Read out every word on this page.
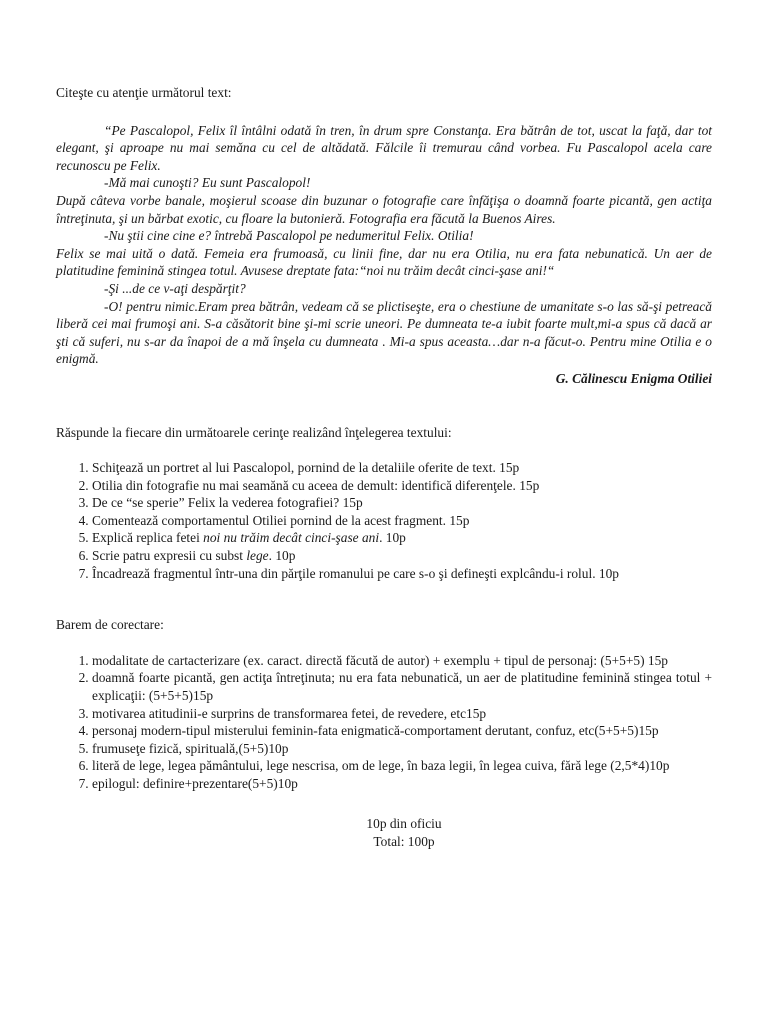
Citeşte cu atenţie următorul text:

“Pe Pascalopol, Felix îl întâlni odată în tren, în drum spre Constanţa. Era bătrân de tot, uscat la faţă, dar tot elegant, şi aproape nu mai semăna cu cel de altădată. Fălcile îi tremurau când vorbea. Fu Pascalopol acela care recunoscu pe Felix.

-Mă mai cunoşti? Eu sunt Pascalopol!

După câteva vorbe banale, moşierul scoase din buzunar o fotografie care înfăţişa o doamnă foarte picantă, gen actiţa întreţinuta, şi un bărbat exotic, cu floare la butonieră. Fotografia era făcută la Buenos Aires.

-Nu ştii cine cine e? întrebă Pascalopol pe nedumeritul Felix. Otilia!

Felix se mai uită o dată. Femeia era frumoasă, cu linii fine, dar nu era Otilia, nu era fata nebunatică. Un aer de platitudine feminină stingea totul. Avusese dreptate fata:“noi nu trăim decât cinci-şase ani!“

-Şi ...de ce v-aţi despărţit?

-O! pentru nimic.Eram prea bătrân, vedeam că se plictiseşte, era o chestiune de umanitate s-o las să-şi petreacă liberă cei mai frumoşi ani. S-a căsătorit bine şi-mi scrie uneori. Pe dumneata te-a iubit foarte mult,mi-a spus că dacă ar şti că suferi, nu s-ar da înapoi de a mă înşela cu dumneata . Mi-a spus aceasta…dar n-a făcut-o. Pentru mine Otilia e o enigmă.

G. Călinescu Enigma Otiliei

Răspunde la fiecare din următoarele cerinţe realizând înţelegerea textului:

1. Schiţează un portret al lui Pascalopol, pornind de la detaliile oferite de text. 15p
2. Otilia din fotografie nu mai seamănă cu aceea de demult: identifică diferenţele. 15p
3. De ce “se sperie” Felix la vederea fotografiei? 15p
4. Comentează comportamentul Otiliei pornind de la acest fragment. 15p
5. Explică replica fetei noi nu trăim decât cinci-şase ani. 10p
6. Scrie patru expresii cu subst lege. 10p
7. Încadrează fragmentul într-una din părţile romanului pe care s-o şi defineşti explcându-i rolul. 10p

Barem de corectare:

1. modalitate de cartacterizare (ex. caract. directă făcută de autor) + exemplu + tipul de personaj: (5+5+5) 15p
2. doamnă foarte picantă, gen actiţa întreţinuta; nu era fata nebunatică, un aer de platitudine feminină stingea totul + explicaţii: (5+5+5)15p
3. motivarea atitudinii-e surprins de transformarea fetei, de revedere, etc15p
4. personaj modern-tipul misterului feminin-fata enigmatică-comportament derutant, confuz, etc(5+5+5)15p
5. frumuseţe fizică, spirituală,(5+5)10p
6. literă de lege, legea pământului, lege nescrisa, om de lege, în baza legii, în legea cuiva, fără lege (2,5*4)10p
7. epilogul: definire+prezentare(5+5)10p

10p din oficiu

Total: 100p
